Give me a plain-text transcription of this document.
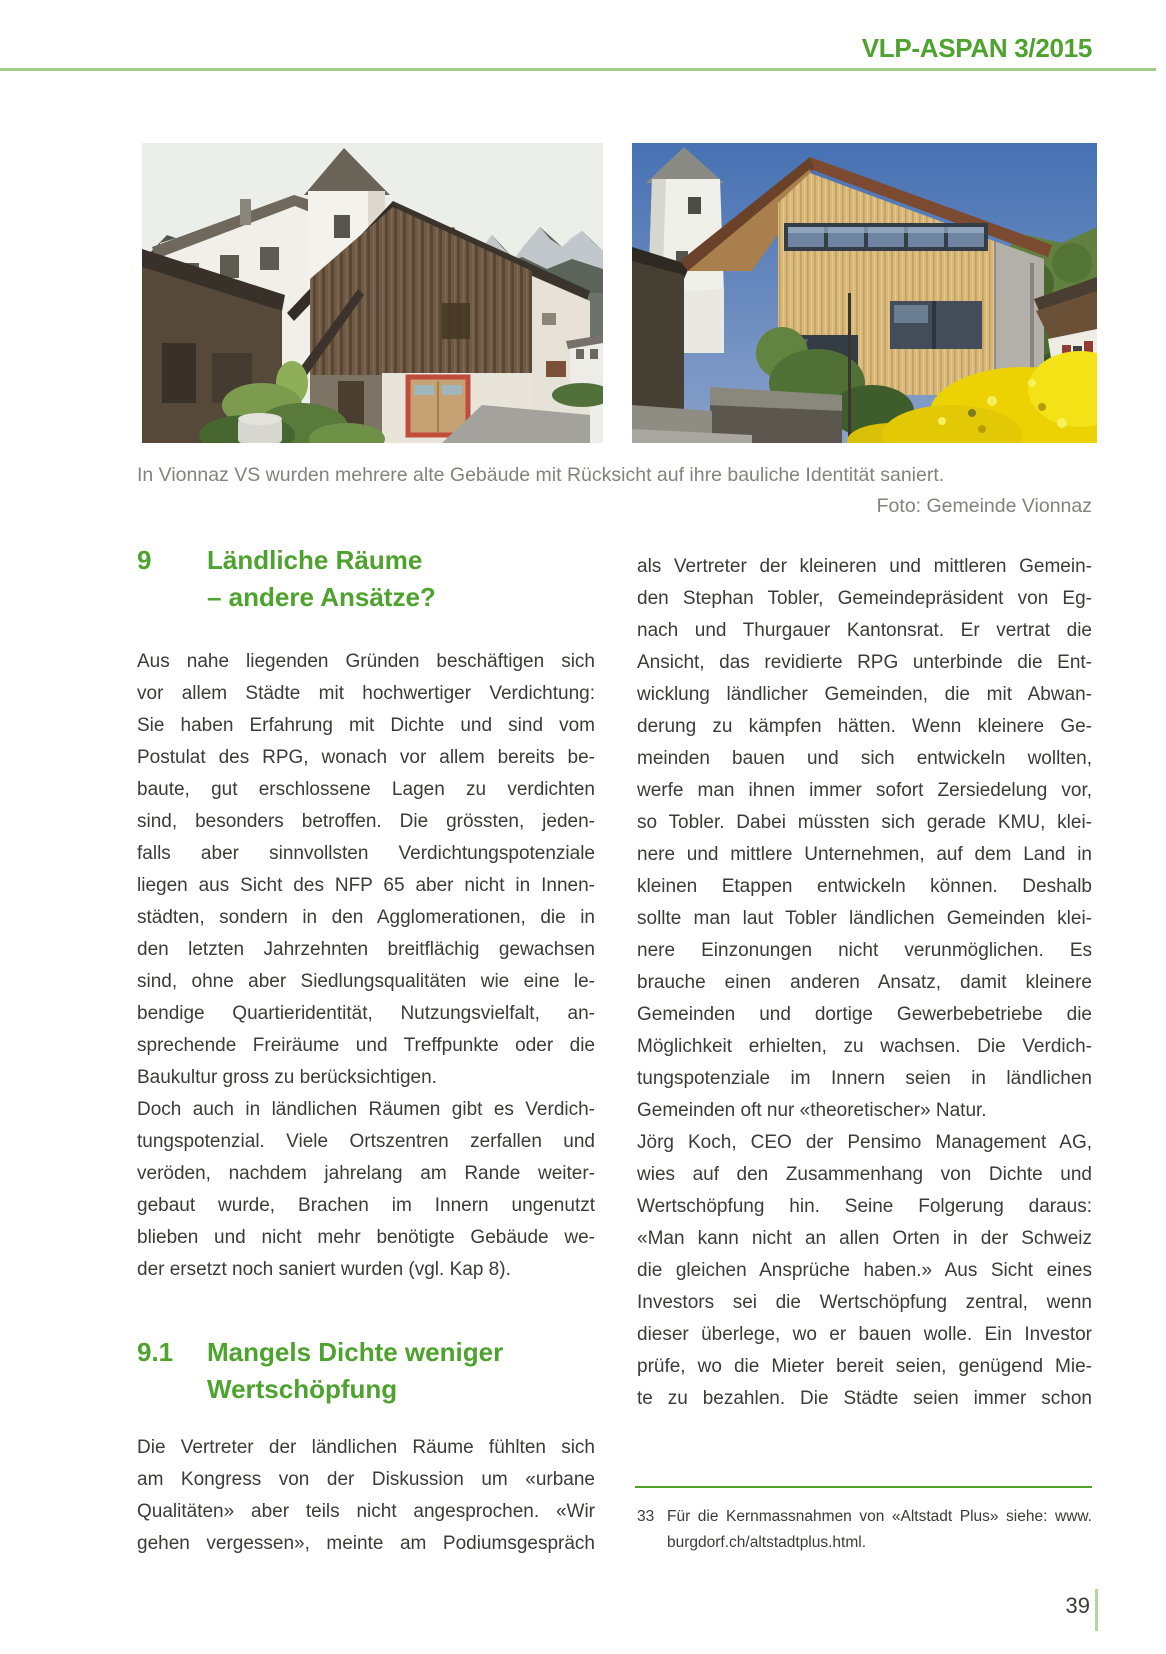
VLP-ASPAN 3/2015
In Vionnaz VS wurden mehrere alte Gebäude mit Rücksicht auf ihre bauliche Identität saniert.
Foto: Gemeinde Vionnaz
9 Ländliche Räume
– andere Ansätze?
Aus nahe liegenden Gründen beschäftigen sich
vor allem Städte mit hochwertiger Verdichtung:
Sie haben Erfahrung mit Dichte und sind vom
Postulat des RPG, wonach vor allem bereits be-
baute, gut erschlossene Lagen zu verdichten
sind, besonders betroffen. Die grössten, jeden-
falls aber sinnvollsten Verdichtungspotenziale
liegen aus Sicht des NFP 65 aber nicht in Innen-
städten, sondern in den Agglomerationen, die in
den letzten Jahrzehnten breitflächig gewachsen
sind, ohne aber Siedlungsqualitäten wie eine le-
bendige Quartieridentität, Nutzungsvielfalt, an-
sprechende Freiräume und Treffpunkte oder die
Baukultur gross zu berücksichtigen.
Doch auch in ländlichen Räumen gibt es Verdich-
tungspotenzial. Viele Ortszentren zerfallen und
veröden, nachdem jahrelang am Rande weiter-
gebaut wurde, Brachen im Innern ungenutzt
blieben und nicht mehr benötigte Gebäude we-
der ersetzt noch saniert wurden (vgl. Kap 8).
9.1 Mangels Dichte weniger
Wertschöpfung
Die Vertreter der ländlichen Räume fühlten sich
am Kongress von der Diskussion um «urbane
Qualitäten» aber teils nicht angesprochen. «Wir
gehen vergessen», meinte am Podiumsgespräch
als Vertreter der kleineren und mittleren Gemein-
den Stephan Tobler, Gemeindepräsident von Eg-
nach und Thurgauer Kantonsrat. Er vertrat die
Ansicht, das revidierte RPG unterbinde die Ent-
wicklung ländlicher Gemeinden, die mit Abwan-
derung zu kämpfen hätten. Wenn kleinere Ge-
meinden bauen und sich entwickeln wollten,
werfe man ihnen immer sofort Zersiedelung vor,
so Tobler. Dabei müssten sich gerade KMU, klei-
nere und mittlere Unternehmen, auf dem Land in
kleinen Etappen entwickeln können. Deshalb
sollte man laut Tobler ländlichen Gemeinden klei-
nere Einzonungen nicht verunmöglichen. Es
brauche einen anderen Ansatz, damit kleinere
Gemeinden und dortige Gewerbebetriebe die
Möglichkeit erhielten, zu wachsen. Die Verdich-
tungspotenziale im Innern seien in ländlichen
Gemeinden oft nur «theoretischer» Natur.
Jörg Koch, CEO der Pensimo Management AG,
wies auf den Zusammenhang von Dichte und
Wertschöpfung hin. Seine Folgerung daraus:
«Man kann nicht an allen Orten in der Schweiz
die gleichen Ansprüche haben.» Aus Sicht eines
Investors sei die Wertschöpfung zentral, wenn
dieser überlege, wo er bauen wolle. Ein Investor
prüfe, wo die Mieter bereit seien, genügend Mie-
te zu bezahlen. Die Städte seien immer schon
33 Für die Kernmassnahmen von «Altstadt Plus» siehe: www.
burgdorf.ch/altstadtplus.html.
39
